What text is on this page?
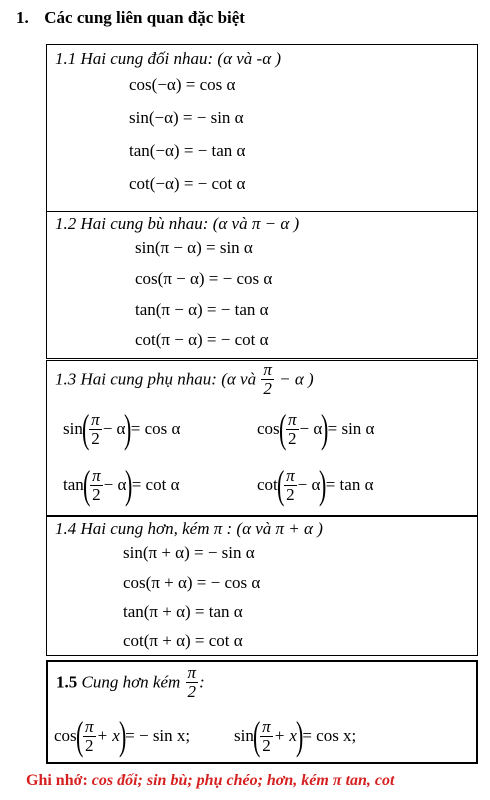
1. Các cung liên quan đặc biệt
1.1 Hai cung đối nhau: (α và -α )
cos(−α) = cos α
sin(−α) = − sin α
tan(−α) = − tan α
cot(−α) = − cot α
1.2 Hai cung bù nhau: (α và π − α )
sin(π − α) = sin α
cos(π − α) = − cos α
tan(π − α) = − tan α
cot(π − α) = − cot α
1.3 Hai cung phụ nhau: (α và $\frac{\pi}{2} - \alpha$ )
$\sin( \frac{\pi}{2} - \alpha)= \cos \alpha$	$\cos( \frac{\pi}{2} - \alpha)= \sin \alpha$
$\tan( \frac{\pi}{2} - \alpha)= \cot \alpha$	$\cot( \frac{\pi}{2} - \alpha)= \tan \alpha$
1.4 Hai cung hơn, kém π : (α và π + α )
sin(π + α) = − sin α
cos(π + α) = − cos α
tan(π + α) = tan α
cot(π + α) = cot α
1.5 Cung hơn kém $\frac{\pi}{2}$ :
$\cos( \frac{\pi}{2} + x)= - \sin x$;	$\sin( \frac{\pi}{2} + x)= \cos x$;
Ghi nhớ: cos đối; sin bù; phụ chéo; hơn, kém π tan, cot
